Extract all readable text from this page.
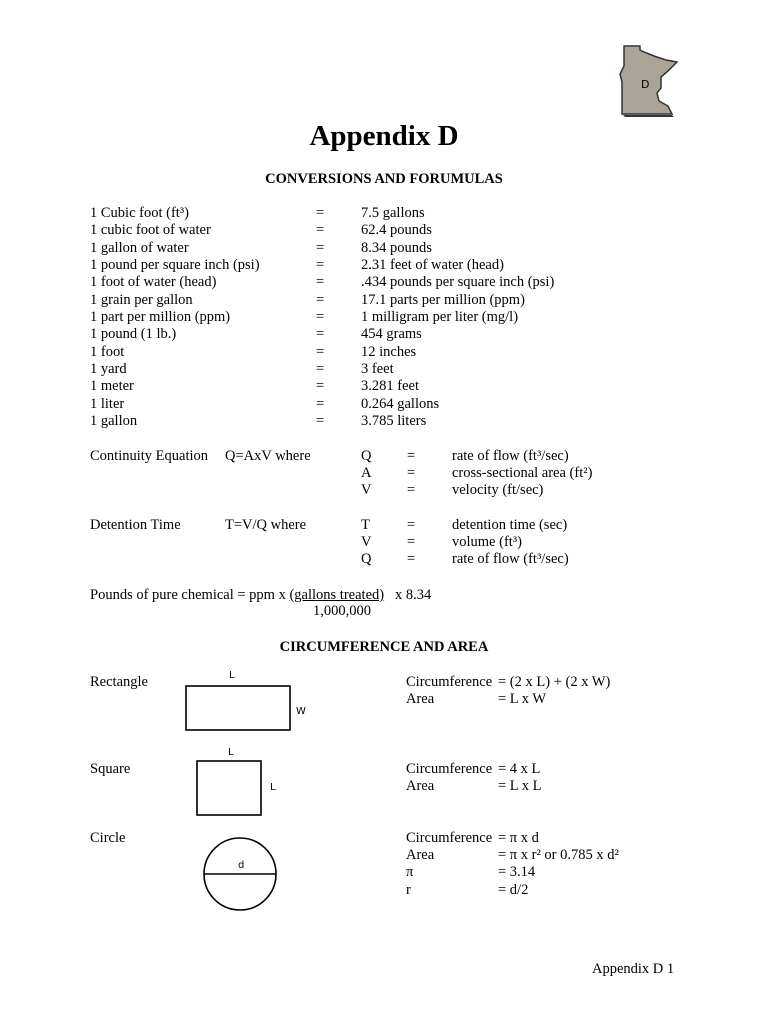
D
Appendix D
CONVERSIONS AND FORUMULAS
1 Cubic foot (ft³)	=	7.5 gallons
1 cubic foot of water	=	62.4 pounds
1 gallon of water	=	8.34 pounds
1 pound per square inch (psi)	=	2.31 feet of water (head)
1 foot of water (head)	=	.434 pounds per square inch (psi)
1 grain per gallon	=	17.1 parts per million (ppm)
1 part per million (ppm)	=	1 milligram per liter (mg/l)
1 pound (1 lb.)	=	454 grams
1 foot	=	12 inches
1 yard	=	3 feet
1 meter	=	3.281 feet
1 liter	=	0.264 gallons
1 gallon	=	3.785 liters
Continuity Equation Q=AxV where	Q =	rate of flow (ft³/sec)
A =	cross-sectional area (ft²)
V =	velocity (ft/sec)
Detention Time	T=V/Q where	T	=	detention time (sec)
V =	volume (ft³)
Q =	rate of flow (ft³/sec)
Pounds of pure chemical = ppm x (gallons treated) x 8.34
1,000,000
CIRCUMFERENCE AND AREA
Rectangle	L
W
Circumference = (2 x L) + (2 x W)
Area	= L x W
Square
L
L
Circumference = 4 x L
Area	= L x L
Circle
d
Circumference = π x d
Area	= π x r² or 0.785 x d²
π	= 3.14
r	= d/2
Appendix D 1
